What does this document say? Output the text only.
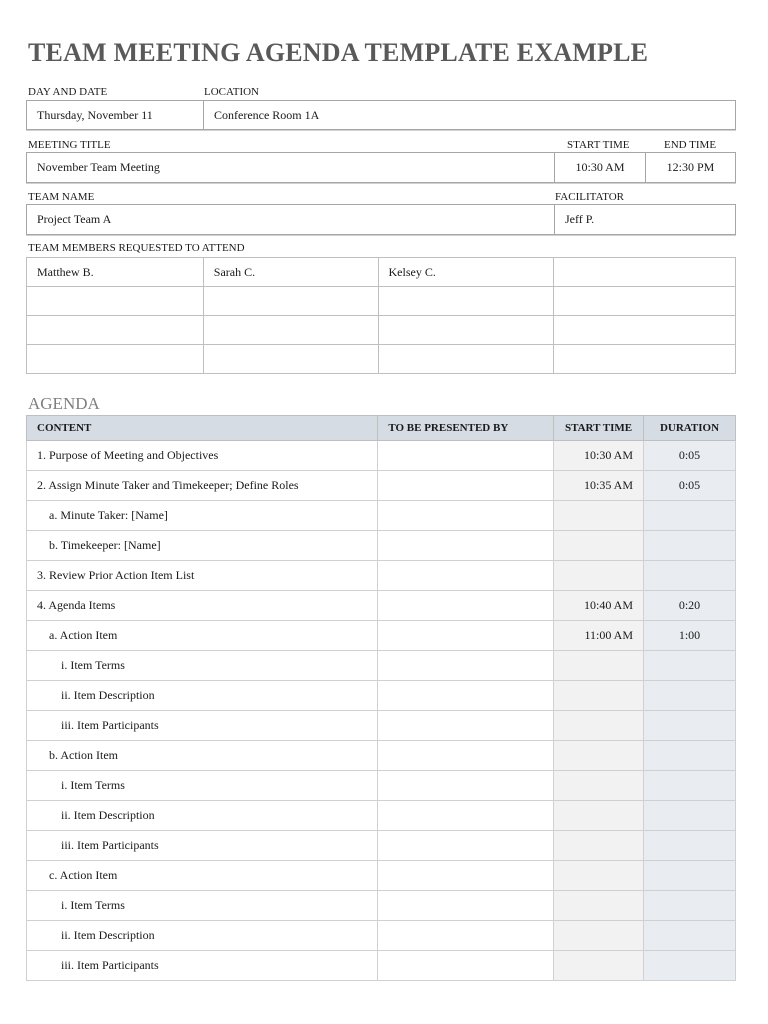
TEAM MEETING AGENDA TEMPLATE EXAMPLE
DAY AND DATE	LOCATION
Thursday, November 11	Conference Room 1A
MEETING TITLE	START TIME	END TIME
November Team Meeting	10:30 AM	12:30 PM
TEAM NAME	FACILITATOR
Project Team A	Jeff P.
TEAM MEMBERS REQUESTED TO ATTEND
Matthew B.	Sarah C.	Kelsey C.	

AGENDA
CONTENT	TO BE PRESENTED BY	START TIME	DURATION
1. Purpose of Meeting and Objectives		10:30 AM	0:05
2. Assign Minute Taker and Timekeeper; Define Roles		10:35 AM	0:05
a. Minute Taker: [Name]			
b. Timekeeper: [Name]			
3. Review Prior Action Item List			
4. Agenda Items		10:40 AM	0:20
a. Action Item		11:00 AM	1:00
i. Item Terms			
ii. Item Description			
iii. Item Participants			
b. Action Item			
i. Item Terms			
ii. Item Description			
iii. Item Participants			
c. Action Item			
i. Item Terms			
ii. Item Description			
iii. Item Participants			
